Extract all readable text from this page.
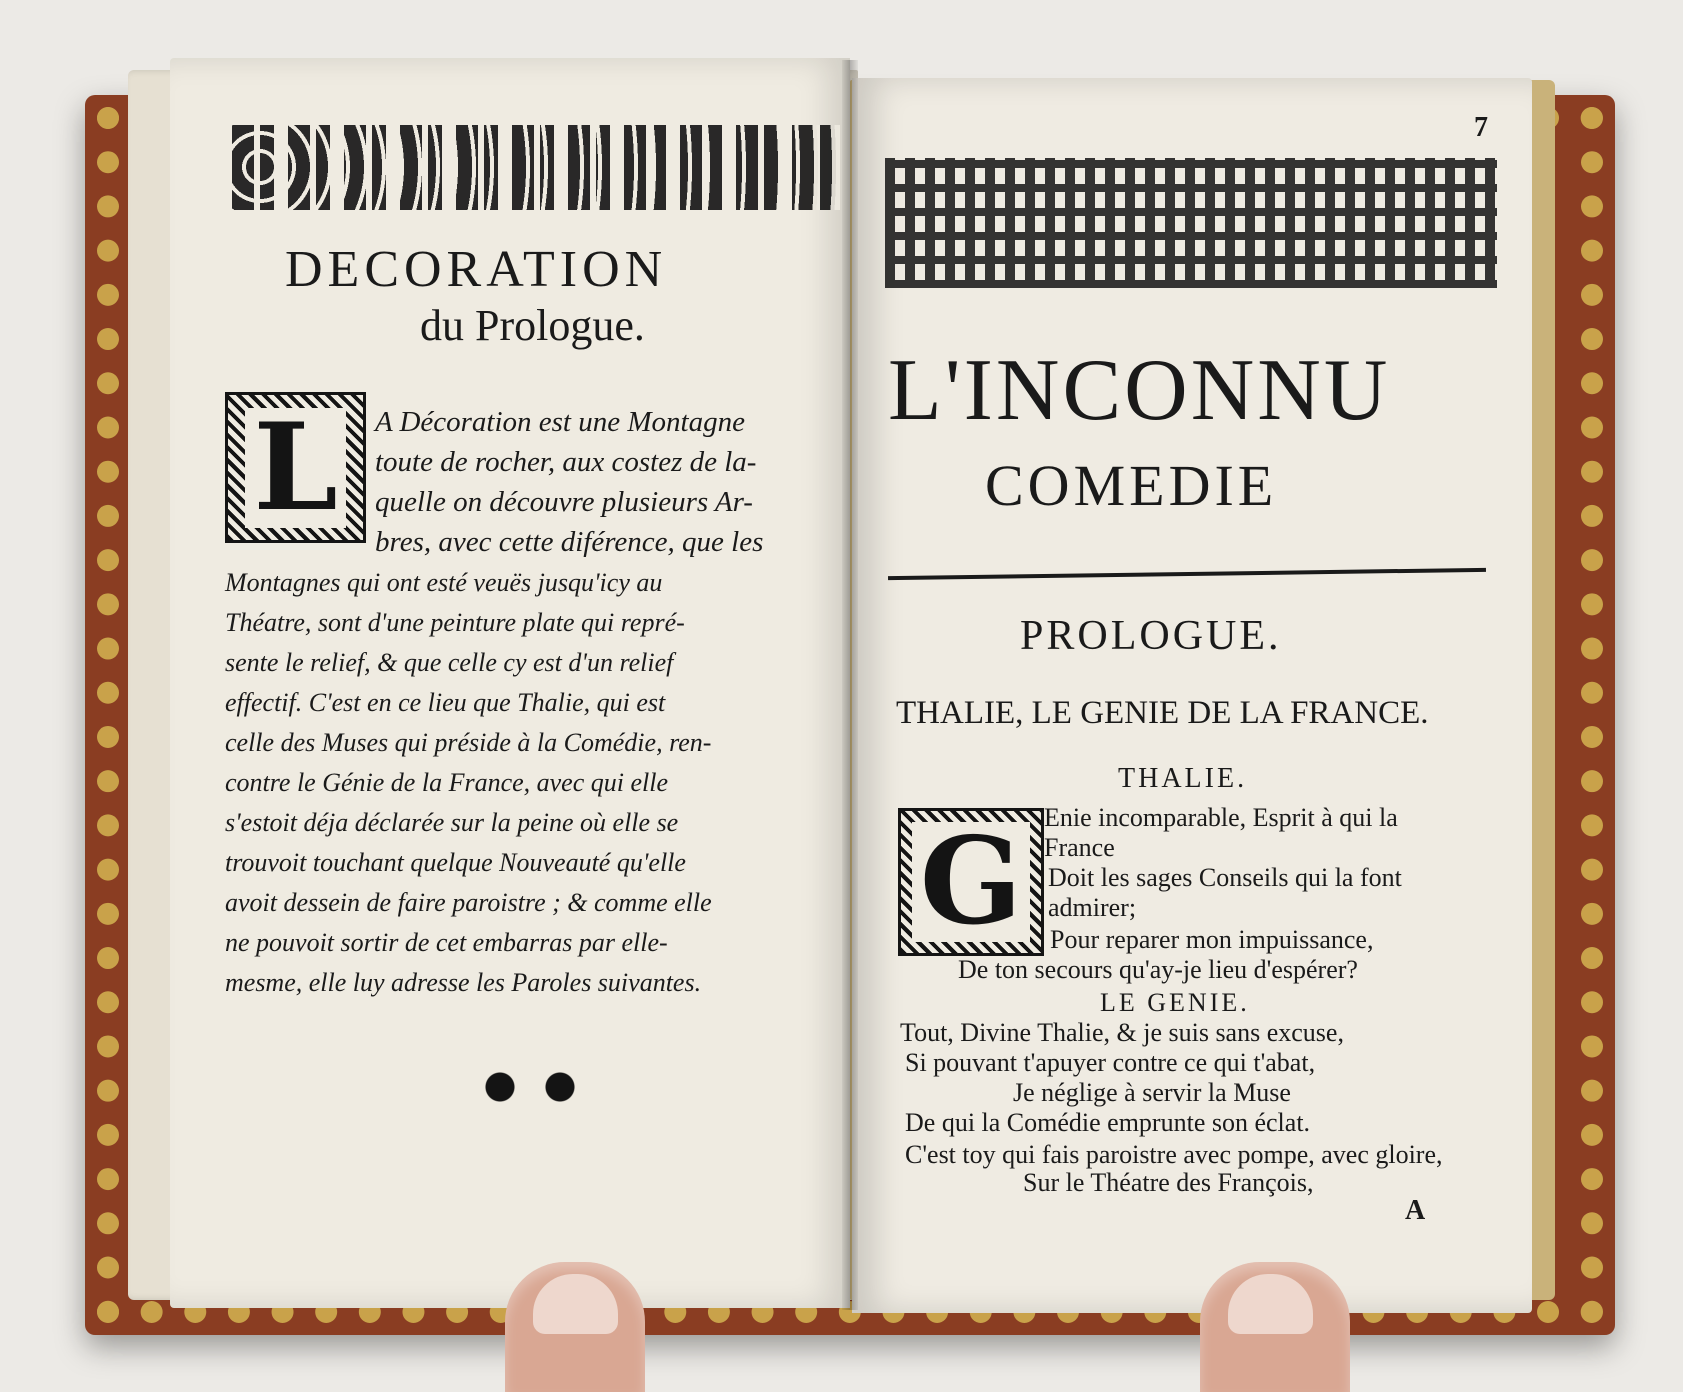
DECORATION
du Prologue.
L A Décoration est une Montagne
toute de rocher, aux costez de la-
quelle on découvre plusieurs Ar-
bres, avec cette diférence, que les
Montagnes qui ont esté veuës jusqu'icy au
Théatre, sont d'une peinture plate qui repré-
sente le relief, & que celle cy est d'un relief
effectif. C'est en ce lieu que Thalie, qui est
celle des Muses qui préside à la Comédie, ren-
contre le Génie de la France, avec qui elle
s'estoit déja déclarée sur la peine où elle se
trouvoit touchant quelque Nouveauté qu'elle
avoit dessein de faire paroistre ; & comme elle
ne pouvoit sortir de cet embarras par elle-
mesme, elle luy adresse les Paroles suivantes.
7
L'INCONNU
COMEDIE
PROLOGUE.
THALIE, LE GENIE DE LA FRANCE.
THALIE.
G Enie incomparable, Esprit à qui la
France
Doit les sages Conseils qui la font
admirer;
Pour reparer mon impuissance,
De ton secours qu'ay-je lieu d'espérer?
LE GENIE.
Tout, Divine Thalie, & je suis sans excuse,
Si pouvant t'apuyer contre ce qui t'abat,
Je néglige à servir la Muse
De qui la Comédie emprunte son éclat.
C'est toy qui fais paroistre avec pompe, avec gloire,
Sur le Théatre des François,
A
